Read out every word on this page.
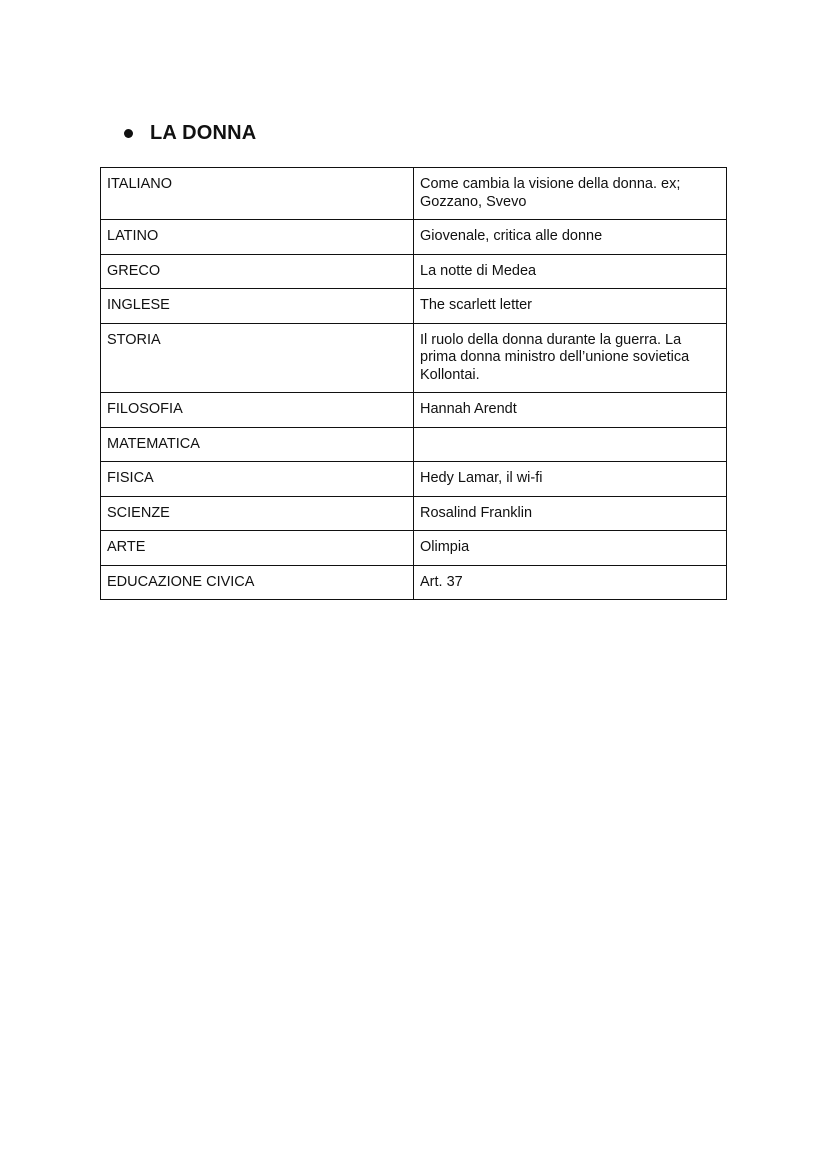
LA DONNA
ITALIANO	Come cambia la visione della donna. ex; Gozzano, Svevo
LATINO	Giovenale, critica alle donne
GRECO	La notte di Medea
INGLESE	The scarlett letter
STORIA	Il ruolo della donna durante la guerra. La prima donna ministro dell’unione sovietica Kollontai.
FILOSOFIA	Hannah Arendt
MATEMATICA	
FISICA	Hedy Lamar, il wi-fi
SCIENZE	Rosalind Franklin
ARTE	Olimpia
EDUCAZIONE CIVICA	Art. 37
